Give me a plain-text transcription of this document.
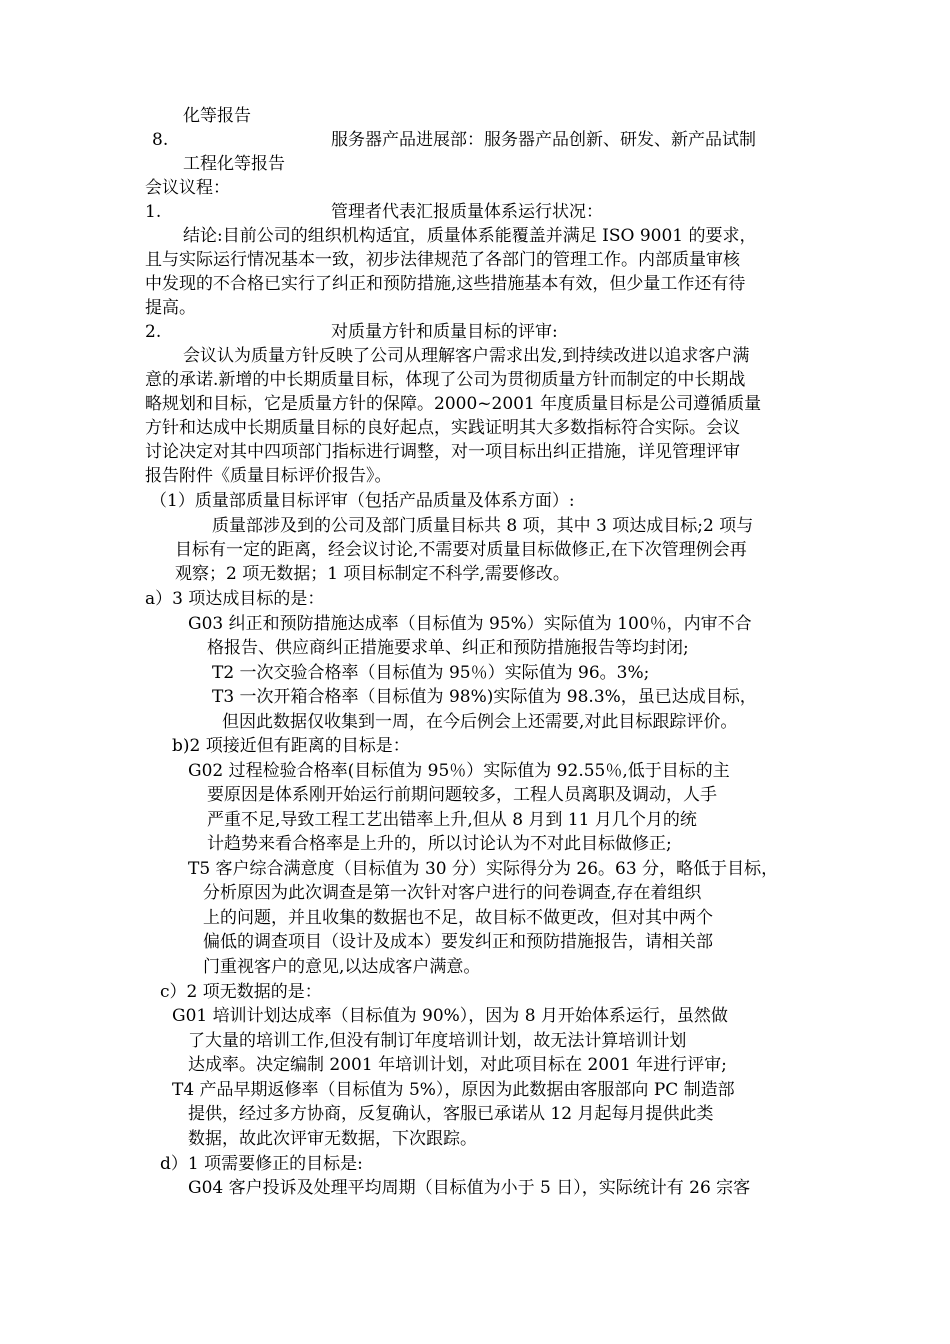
化等报告
8.	服务器产品进展部：服务器产品创新、研发、新产品试制
工程化等报告
会议议程：
1.	管理者代表汇报质量体系运行状况：
结论:目前公司的组织机构适宜，质量体系能覆盖并满足 ISO 9001 的要求，
且与实际运行情况基本一致，初步法律规范了各部门的管理工作。内部质量审核
中发现的不合格已实行了纠正和预防措施,这些措施基本有效，但少量工作还有待
提高。
2.	对质量方针和质量目标的评审:
会议认为质量方针反映了公司从理解客户需求出发,到持续改进以追求客户满
意的承诺.新增的中长期质量目标，体现了公司为贯彻质量方针而制定的中长期战
略规划和目标，它是质量方针的保障。2000~2001 年度质量目标是公司遵循质量
方针和达成中长期质量目标的良好起点，实践证明其大多数指标符合实际。会议
讨论决定对其中四项部门指标进行调整，对一项目标出纠正措施，详见管理评审
报告附件《质量目标评价报告》。
（1）质量部质量目标评审（包括产品质量及体系方面）:
质量部涉及到的公司及部门质量目标共 8 项，其中 3 项达成目标;2 项与
目标有一定的距离，经会议讨论,不需要对质量目标做修正,在下次管理例会再
观察；2 项无数据；1 项目标制定不科学,需要修改。
a）3 项达成目标的是：
G03 纠正和预防措施达成率（目标值为 95%）实际值为 100％，内审不合
格报告、供应商纠正措施要求单、纠正和预防措施报告等均封闭;
T2 一次交验合格率（目标值为 95％）实际值为 96。3%;
T3 一次开箱合格率（目标值为 98%)实际值为 98.3%，虽已达成目标，
但因此数据仅收集到一周，在今后例会上还需要,对此目标跟踪评价。
b)2 项接近但有距离的目标是：
G02 过程检验合格率(目标值为 95％）实际值为 92.55％,低于目标的主
要原因是体系刚开始运行前期问题较多，工程人员离职及调动，人手
严重不足,导致工程工艺出错率上升,但从 8 月到 11 月几个月的统
计趋势来看合格率是上升的，所以讨论认为不对此目标做修正;
T5 客户综合满意度（目标值为 30 分）实际得分为 26。63 分，略低于目标，
分析原因为此次调查是第一次针对客户进行的问卷调查,存在着组织
上的问题，并且收集的数据也不足，故目标不做更改，但对其中两个
偏低的调查项目（设计及成本）要发纠正和预防措施报告，请相关部
门重视客户的意见,以达成客户满意。
c）2 项无数据的是：
G01 培训计划达成率（目标值为 90%），因为 8 月开始体系运行，虽然做
了大量的培训工作,但没有制订年度培训计划，故无法计算培训计划
达成率。决定编制 2001 年培训计划，对此项目标在 2001 年进行评审;
T4 产品早期返修率（目标值为 5%），原因为此数据由客服部向 PC 制造部
提供，经过多方协商，反复确认，客服已承诺从 12 月起每月提供此类
数据，故此次评审无数据，下次跟踪。
d）1 项需要修正的目标是:
G04 客户投诉及处理平均周期（目标值为小于 5 日），实际统计有 26 宗客
